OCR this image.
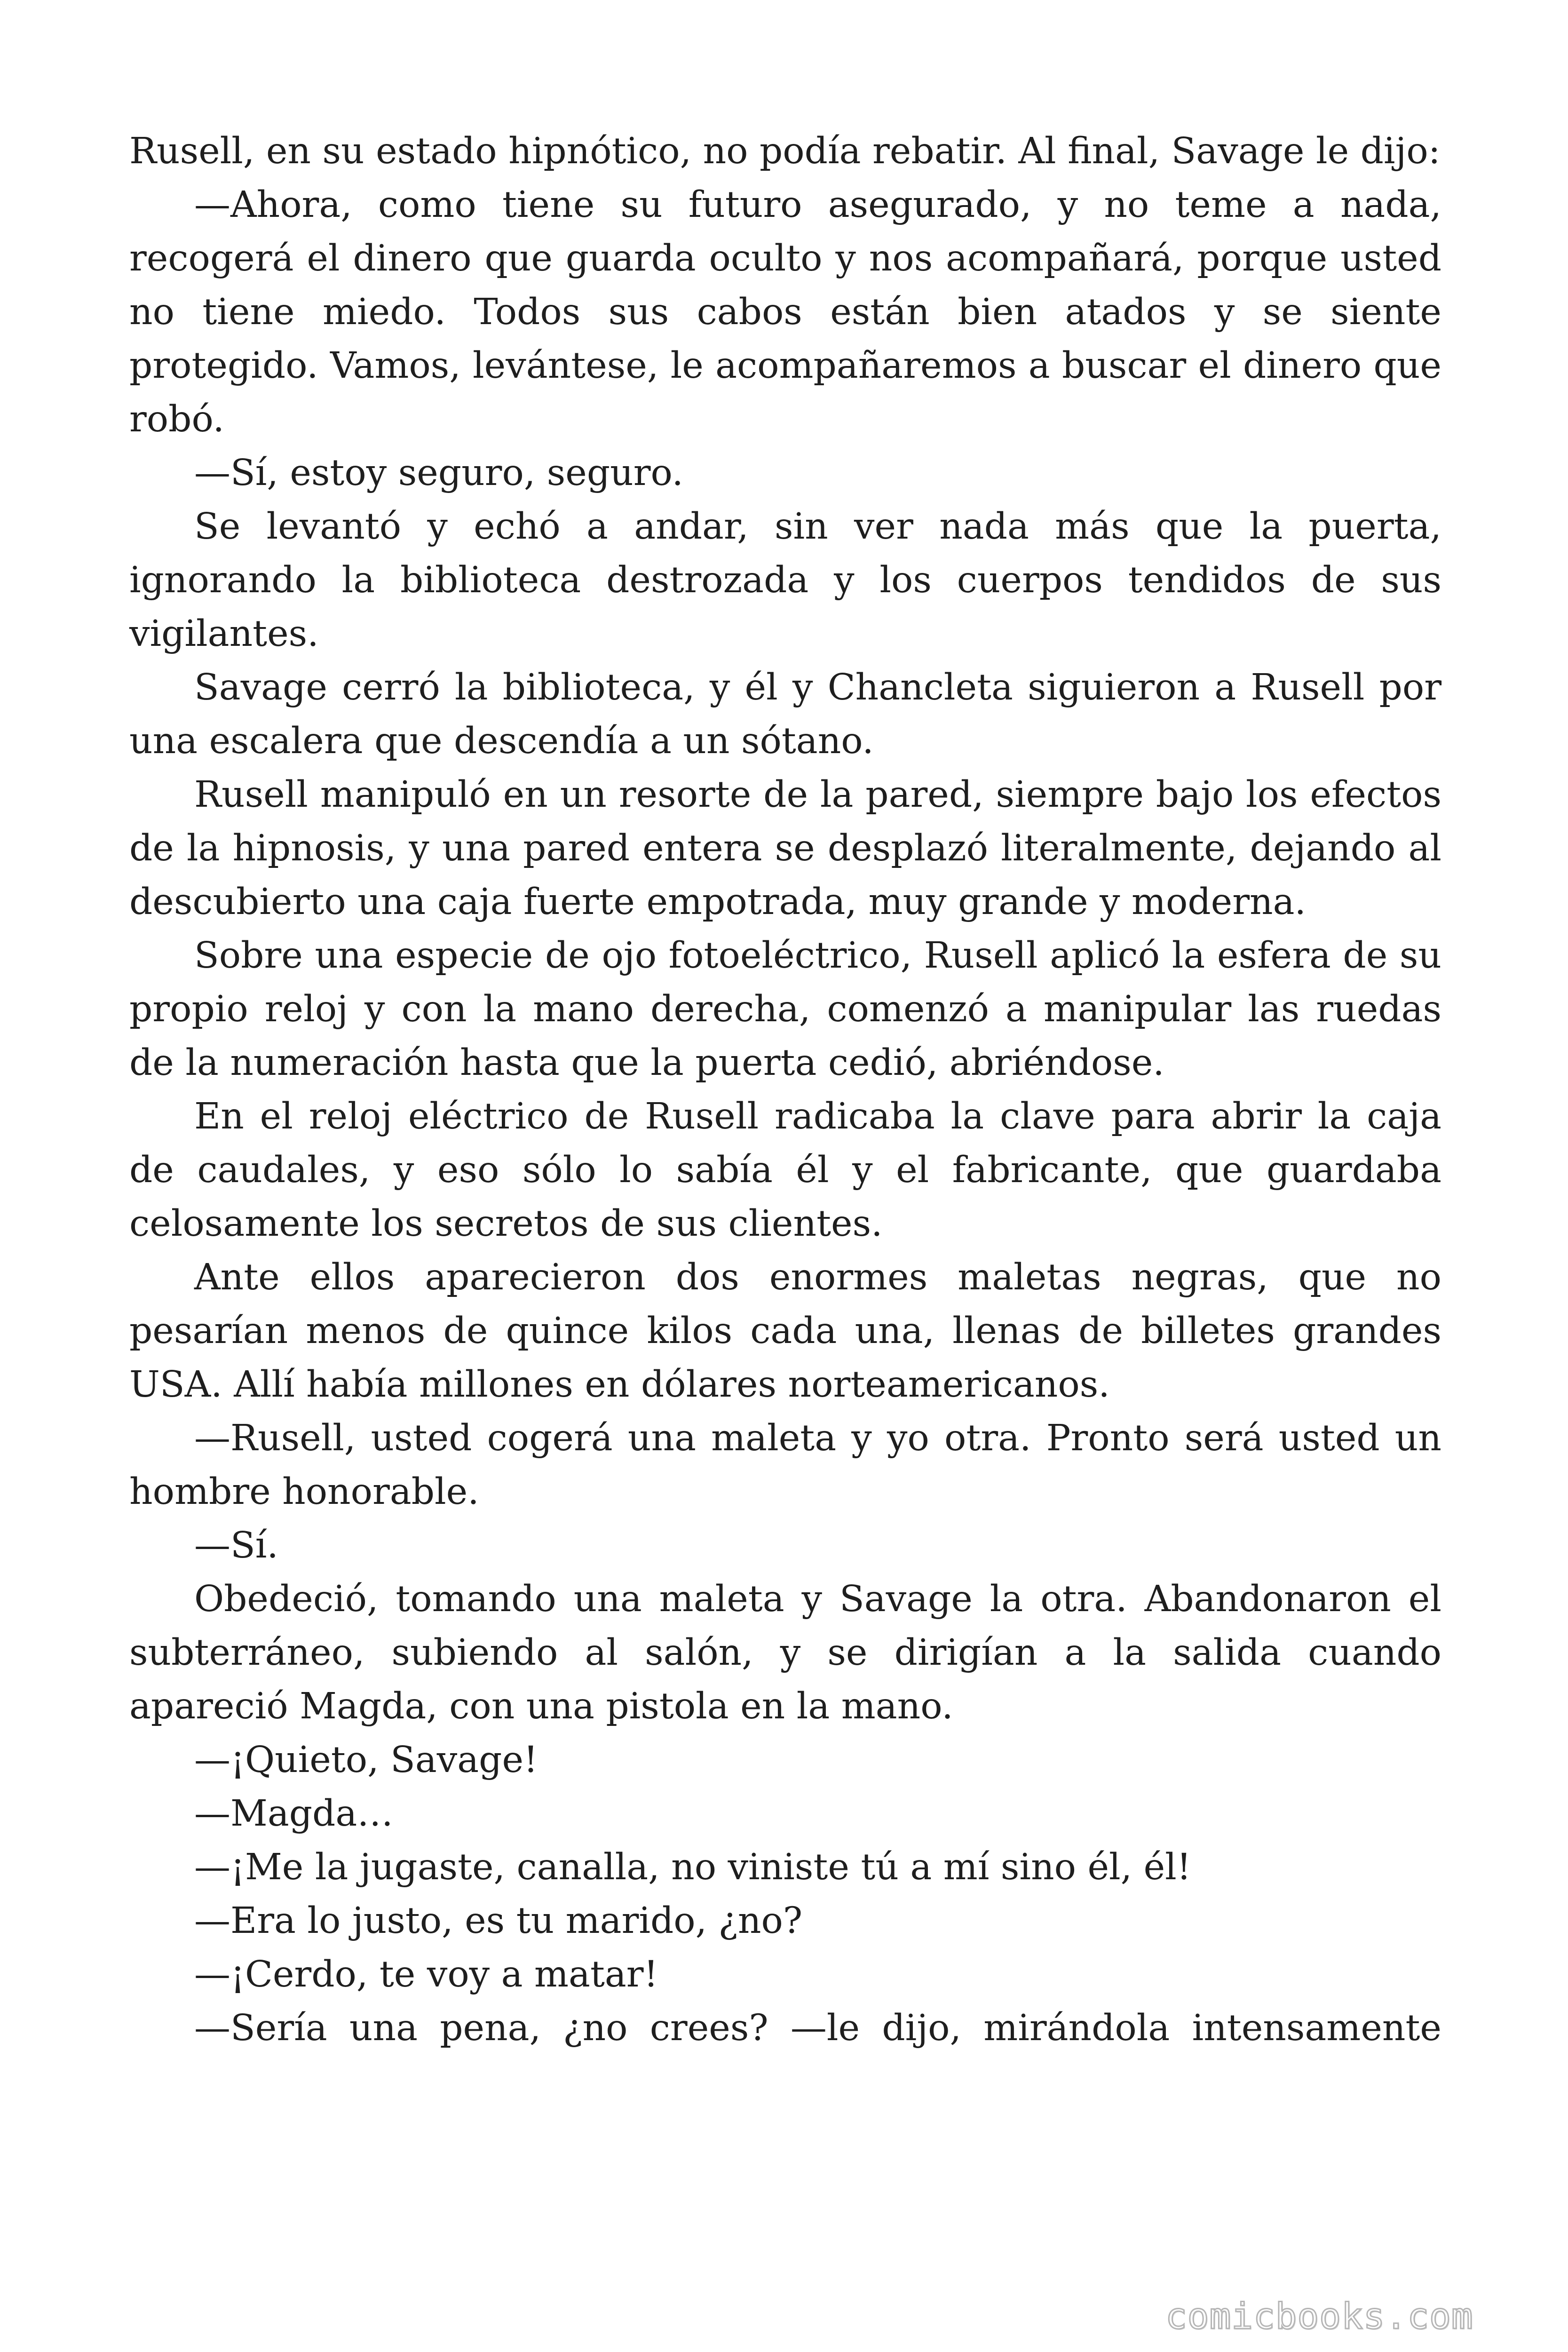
Rusell, en su estado hipnótico, no podía rebatir. Al final, Savage le dijo:

—Ahora, como tiene su futuro asegurado, y no teme a nada, recogerá el dinero que guarda oculto y nos acompañará, porque usted no tiene miedo. Todos sus cabos están bien atados y se siente protegido. Vamos, levántese, le acompañaremos a buscar el dinero que robó.

—Sí, estoy seguro, seguro.

Se levantó y echó a andar, sin ver nada más que la puerta, ignorando la biblioteca destrozada y los cuerpos tendidos de sus vigilantes.

Savage cerró la biblioteca, y él y Chancleta siguieron a Rusell por una escalera que descendía a un sótano.

Rusell manipuló en un resorte de la pared, siempre bajo los efectos de la hipnosis, y una pared entera se desplazó literalmente, dejando al descubierto una caja fuerte empotrada, muy grande y moderna.

Sobre una especie de ojo fotoeléctrico, Rusell aplicó la esfera de su propio reloj y con la mano derecha, comenzó a manipular las ruedas de la numeración hasta que la puerta cedió, abriéndose.

En el reloj eléctrico de Rusell radicaba la clave para abrir la caja de caudales, y eso sólo lo sabía él y el fabricante, que guardaba celosamente los secretos de sus clientes.

Ante ellos aparecieron dos enormes maletas negras, que no pesarían menos de quince kilos cada una, llenas de billetes grandes USA. Allí había millones en dólares norteamericanos.

—Rusell, usted cogerá una maleta y yo otra. Pronto será usted un hombre honorable.

—Sí.

Obedeció, tomando una maleta y Savage la otra. Abandonaron el subterráneo, subiendo al salón, y se dirigían a la salida cuando apareció Magda, con una pistola en la mano.

—¡Quieto, Savage!

—Magda…

—¡Me la jugaste, canalla, no viniste tú a mí sino él, él!

—Era lo justo, es tu marido, ¿no?

—¡Cerdo, te voy a matar!

—Sería una pena, ¿no crees? —le dijo, mirándola intensamente

comicbooks.com
